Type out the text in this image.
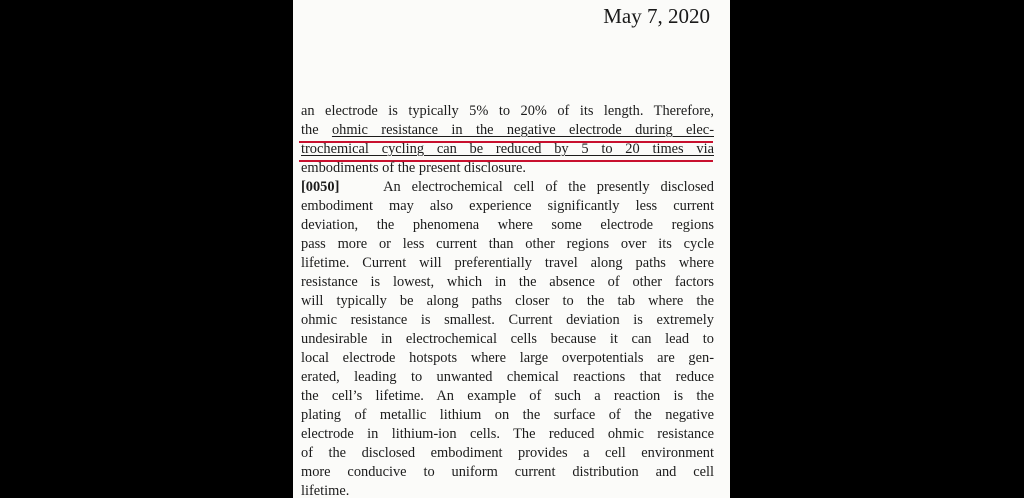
May 7, 2020
an electrode is typically 5% to 20% of its length. Therefore,
the ohmic resistance in the negative electrode during elec-
trochemical cycling can be reduced by 5 to 20 times via
embodiments of the present disclosure.
[0050]	An electrochemical cell of the presently disclosed
embodiment may also experience significantly less current
deviation, the phenomena where some electrode regions
pass more or less current than other regions over its cycle
lifetime. Current will preferentially travel along paths where
resistance is lowest, which in the absence of other factors
will typically be along paths closer to the tab where the
ohmic resistance is smallest. Current deviation is extremely
undesirable in electrochemical cells because it can lead to
local electrode hotspots where large overpotentials are gen-
erated, leading to unwanted chemical reactions that reduce
the cell’s lifetime. An example of such a reaction is the
plating of metallic lithium on the surface of the negative
electrode in lithium-ion cells. The reduced ohmic resistance
of the disclosed embodiment provides a cell environment
more conducive to uniform current distribution and cell
lifetime.
